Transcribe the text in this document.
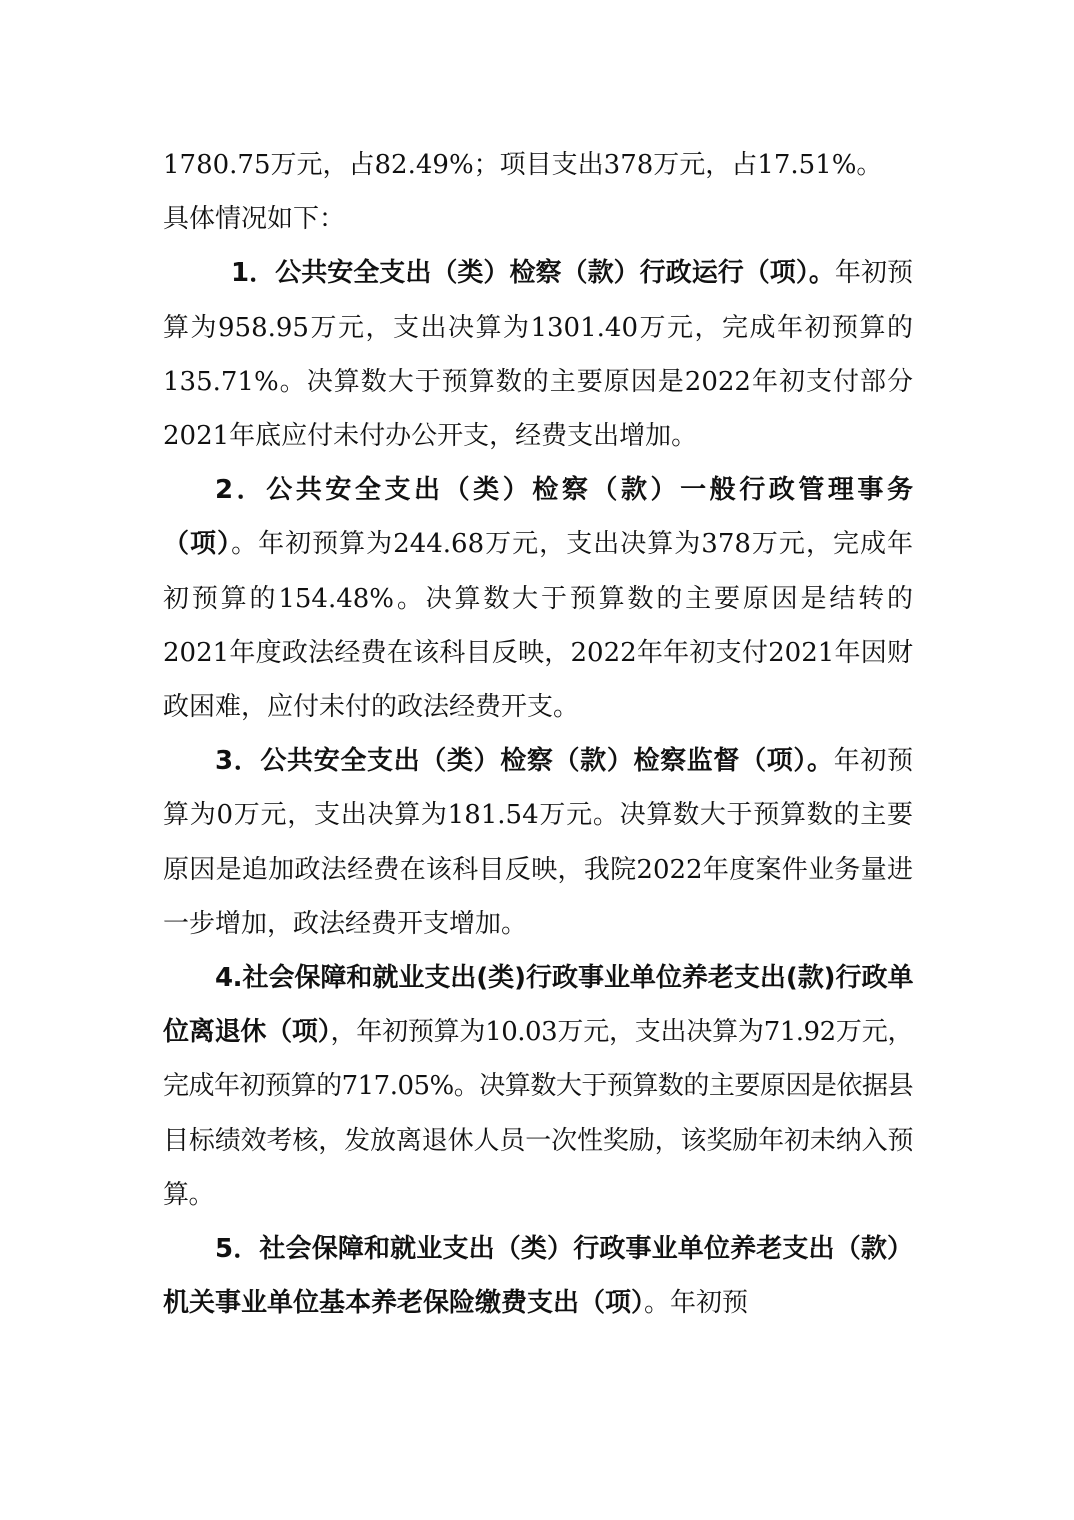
1780.75万元，占82.49%；项目支出378万元，占17.51%。
具体情况如下：

1．公共安全支出（类）检察（款）行政运行（项）。年初预算为958.95万元，支出决算为1301.40万元，完成年初预算的135.71%。决算数大于预算数的主要原因是2022年初支付部分2021年底应付未付办公开支，经费支出增加。

2．公共安全支出（类）检察（款）一般行政管理事务（项）。年初预算为244.68万元，支出决算为378万元，完成年初预算的154.48%。决算数大于预算数的主要原因是结转的2021年度政法经费在该科目反映，2022年年初支付2021年因财政困难，应付未付的政法经费开支。

3．公共安全支出（类）检察（款）检察监督（项）。年初预算为0万元，支出决算为181.54万元。决算数大于预算数的主要原因是追加政法经费在该科目反映，我院2022年度案件业务量进一步增加，政法经费开支增加。

4.社会保障和就业支出(类)行政事业单位养老支出(款)行政单位离退休（项），年初预算为10.03万元，支出决算为71.92万元，完成年初预算的717.05%。决算数大于预算数的主要原因是依据县目标绩效考核，发放离退休人员一次性奖励，该奖励年初未纳入预算。

5．社会保障和就业支出（类）行政事业单位养老支出（款）机关事业单位基本养老保险缴费支出（项）。年初预
